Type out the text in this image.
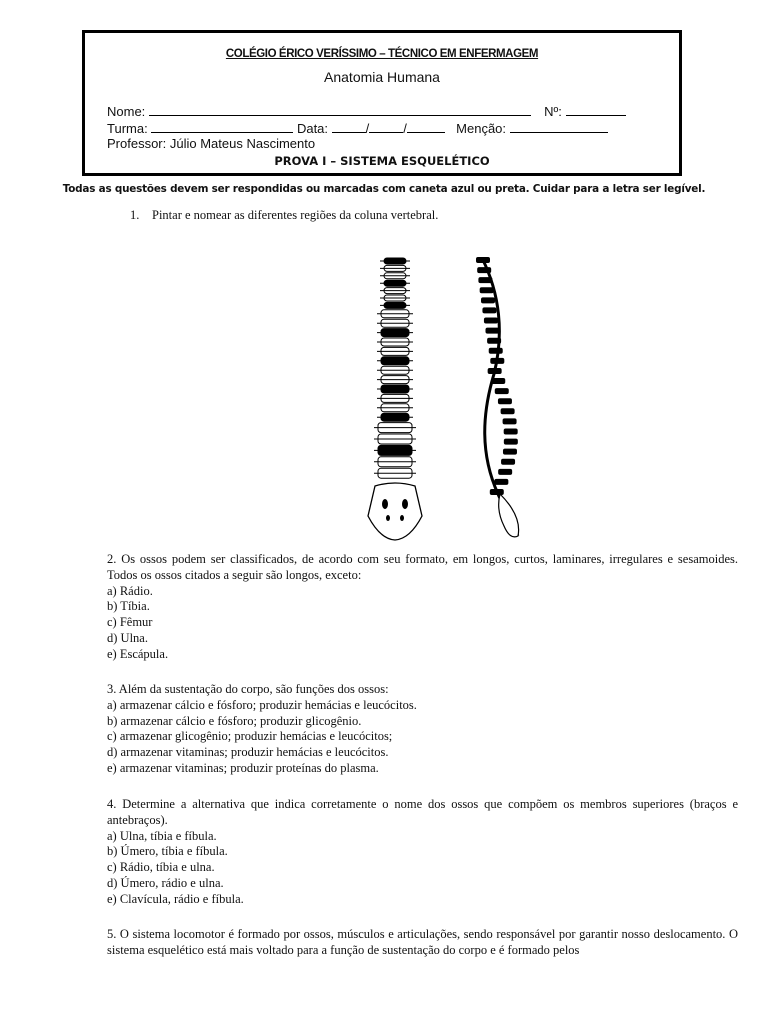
COLÉGIO ÉRICO VERÍSSIMO – TÉCNICO EM ENFERMAGEM
Anatomia Humana
Nome:	Nº:
Turma:	Data:	/	/	Menção:
Professor: Júlio Mateus Nascimento
PROVA I – SISTEMA ESQUELÉTICO
Todas as questões devem ser respondidas ou marcadas com caneta azul ou preta. Cuidar para a letra ser legível.
1. Pintar e nomear as diferentes regiões da coluna vertebral.
2. Os ossos podem ser classificados, de acordo com seu formato, em longos, curtos, laminares, irregulares e sesamoides. Todos os ossos citados a seguir são longos, exceto:
a) Rádio.
b) Tíbia.
c) Fêmur
d) Ulna.
e) Escápula.
3. Além da sustentação do corpo, são funções dos ossos:
a) armazenar cálcio e fósforo; produzir hemácias e leucócitos.
b) armazenar cálcio e fósforo; produzir glicogênio.
c) armazenar glicogênio; produzir hemácias e leucócitos;
d) armazenar vitaminas; produzir hemácias e leucócitos.
e) armazenar vitaminas; produzir proteínas do plasma.
4. Determine a alternativa que indica corretamente o nome dos ossos que compõem os membros superiores (braços e antebraços).
a) Ulna, tíbia e fíbula.
b) Úmero, tíbia e fíbula.
c) Rádio, tíbia e ulna.
d) Úmero, rádio e ulna.
e) Clavícula, rádio e fíbula.
5. O sistema locomotor é formado por ossos, músculos e articulações, sendo responsável por garantir nosso deslocamento. O sistema esquelético está mais voltado para a função de sustentação do corpo e é formado pelos
